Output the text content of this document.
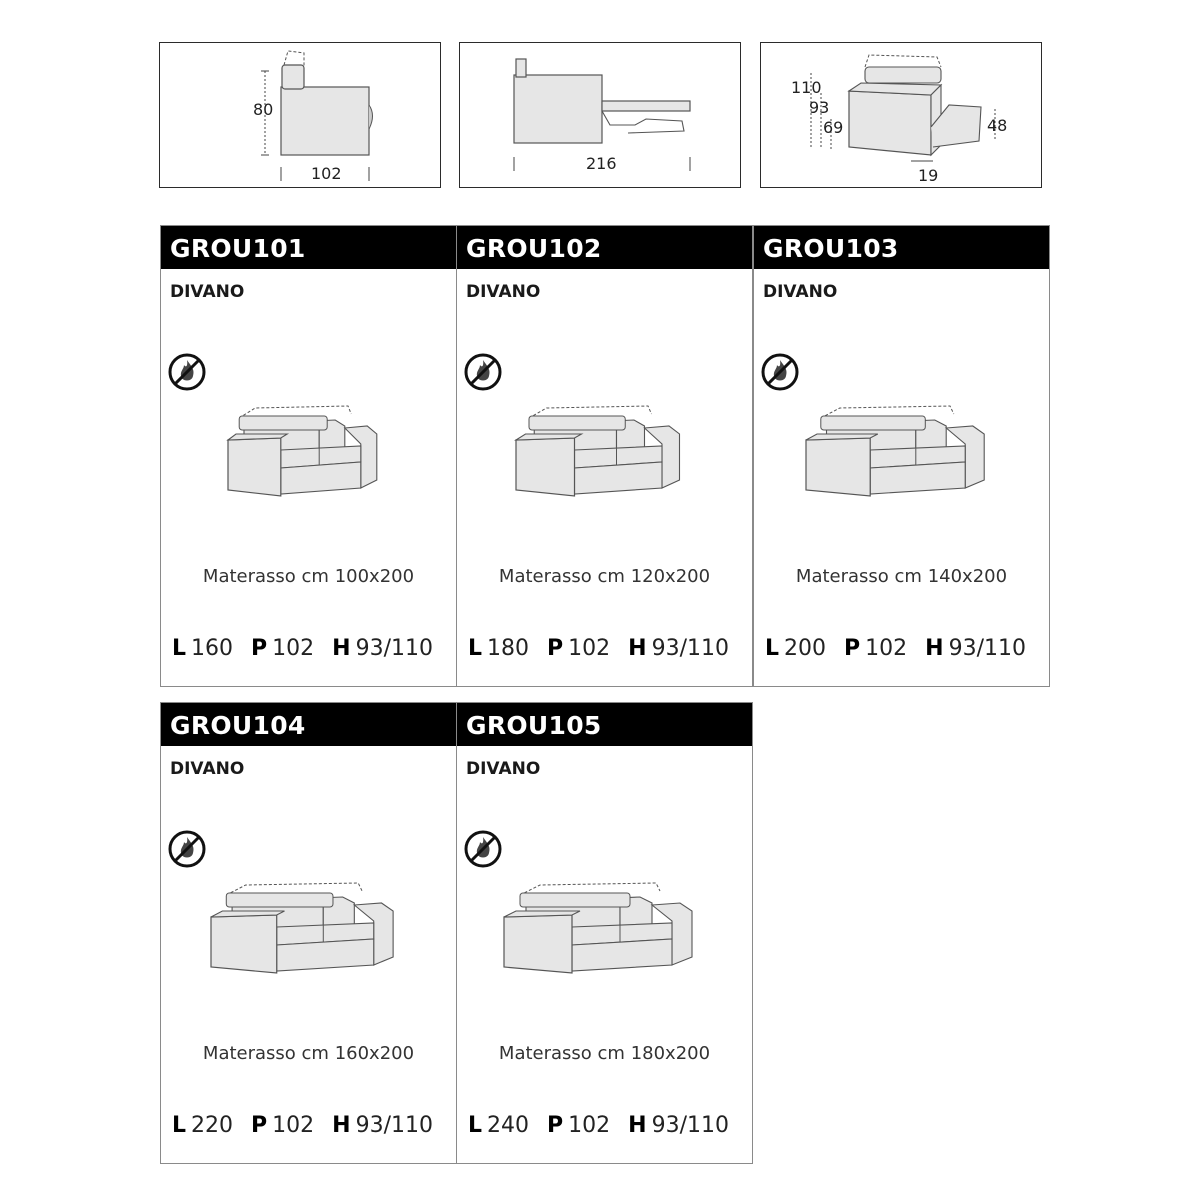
80
102
216
110
93
69	48
19
GROU101
DIVANO
Materasso cm 100x200
L 160 P 102 H 93/110
GROU102
DIVANO
Materasso cm 120x200
L 180 P 102 H 93/110
GROU103
DIVANO
Materasso cm 140x200
L 200 P 102 H 93/110
GROU104
DIVANO
Materasso cm 160x200
L 220 P 102 H 93/110
GROU105
DIVANO
Materasso cm 180x200
L 240 P 102 H 93/110
